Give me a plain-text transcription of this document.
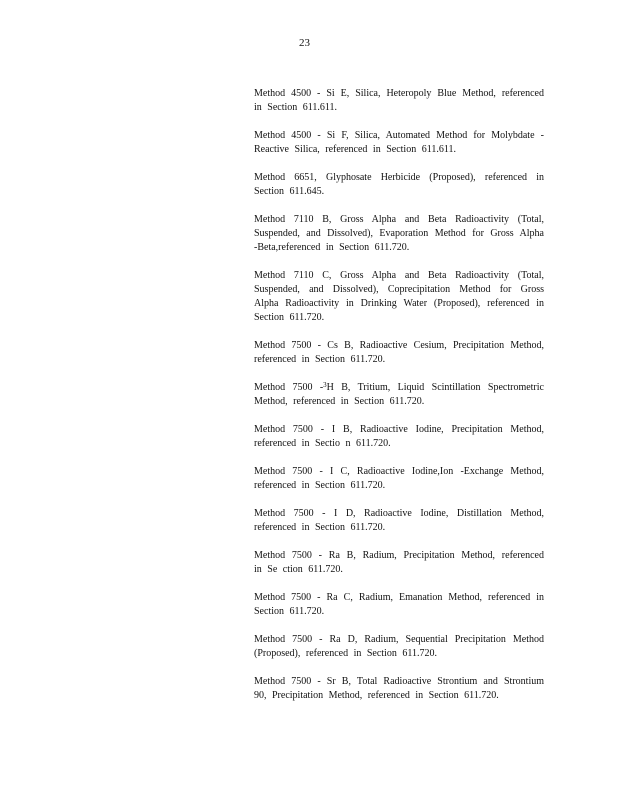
23
Method 4500 - Si E, Silica, Heteropoly Blue Method, referenced in Section 611.611.
Method 4500 - Si F, Silica, Automated Method for Molybdate -Reactive Silica, referenced in Section 611.611.
Method 6651, Glyphosate Herbicide (Proposed), referenced in Section 611.645.
Method 7110 B, Gross Alpha and Beta Radioactivity (Total, Suspended, and Dissolved), Evaporation Method for Gross Alpha -Beta,referenced in Section 611.720.
Method 7110 C, Gross Alpha and Beta Radioactivity (Total, Suspended, and Dissolved), Coprecipitation Method for Gross Alpha Radioactivity in Drinking Water (Proposed), referenced in Section 611.720.
Method 7500 - Cs B, Radioactive Cesium, Precipitation Method, referenced in Section 611.720.
Method 7500 -$^3$H B, Tritium, Liquid Scintillation Spectrometric Method, referenced in Section 611.720.
Method 7500 - I B, Radioactive Iodine, Precipitation Method, referenced in Sectio n 611.720.
Method 7500 - I C, Radioactive Iodine,Ion -Exchange Method, referenced in Section 611.720.
Method 7500 - I D, Radioactive Iodine, Distillation Method, referenced in Section 611.720.
Method 7500 - Ra B, Radium, Precipitation Method, referenced in Se ction 611.720.
Method 7500 - Ra C, Radium, Emanation Method, referenced in Section 611.720.
Method 7500 - Ra D, Radium, Sequential Precipitation Method (Proposed), referenced in Section 611.720.
Method 7500 - Sr B, Total Radioactive Strontium and Strontium 90, Precipitation Method, referenced in Section 611.720.
